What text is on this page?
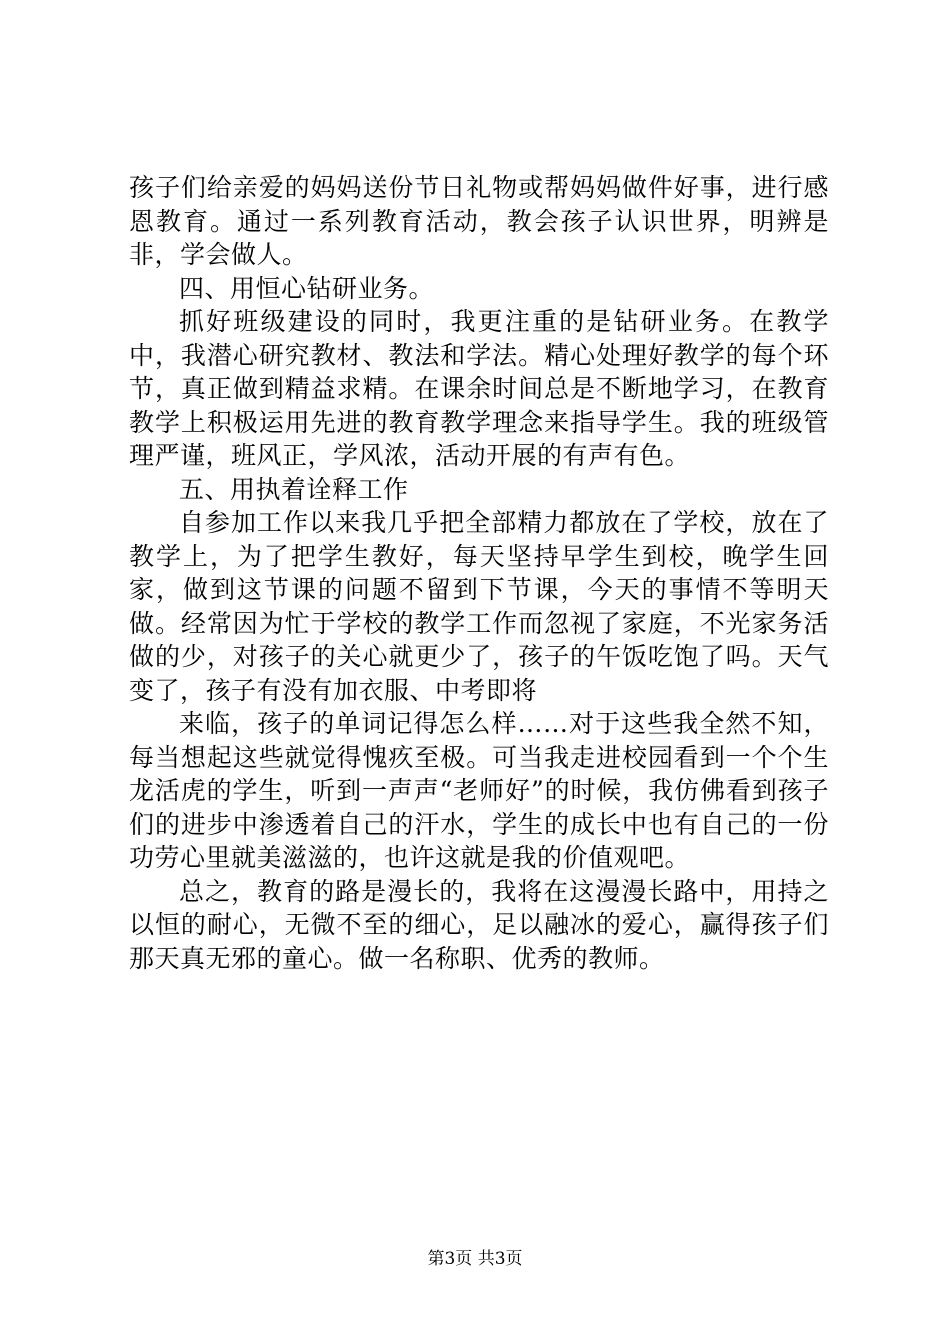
孩子们给亲爱的妈妈送份节日礼物或帮妈妈做件好事，进行感恩教育。通过一系列教育活动，教会孩子认识世界，明辨是非，学会做人。

四、用恒心钻研业务。

抓好班级建设的同时，我更注重的是钻研业务。在教学中，我潜心研究教材、教法和学法。精心处理好教学的每个环节，真正做到精益求精。在课余时间总是不断地学习，在教育教学上积极运用先进的教育教学理念来指导学生。我的班级管理严谨，班风正，学风浓，活动开展的有声有色。

五、用执着诠释工作

自参加工作以来我几乎把全部精力都放在了学校，放在了教学上，为了把学生教好，每天坚持早学生到校，晚学生回家，做到这节课的问题不留到下节课，今天的事情不等明天做。经常因为忙于学校的教学工作而忽视了家庭，不光家务活做的少，对孩子的关心就更少了，孩子的午饭吃饱了吗。天气变了，孩子有没有加衣服、中考即将

来临，孩子的单词记得怎么样……对于这些我全然不知，每当想起这些就觉得愧疚至极。可当我走进校园看到一个个生龙活虎的学生，听到一声声“老师好”的时候，我仿佛看到孩子们的进步中渗透着自己的汗水，学生的成长中也有自己的一份功劳心里就美滋滋的，也许这就是我的价值观吧。

总之，教育的路是漫长的，我将在这漫漫长路中，用持之以恒的耐心，无微不至的细心，足以融冰的爱心，赢得孩子们那天真无邪的童心。做一名称职、优秀的教师。

第3页 共3页
